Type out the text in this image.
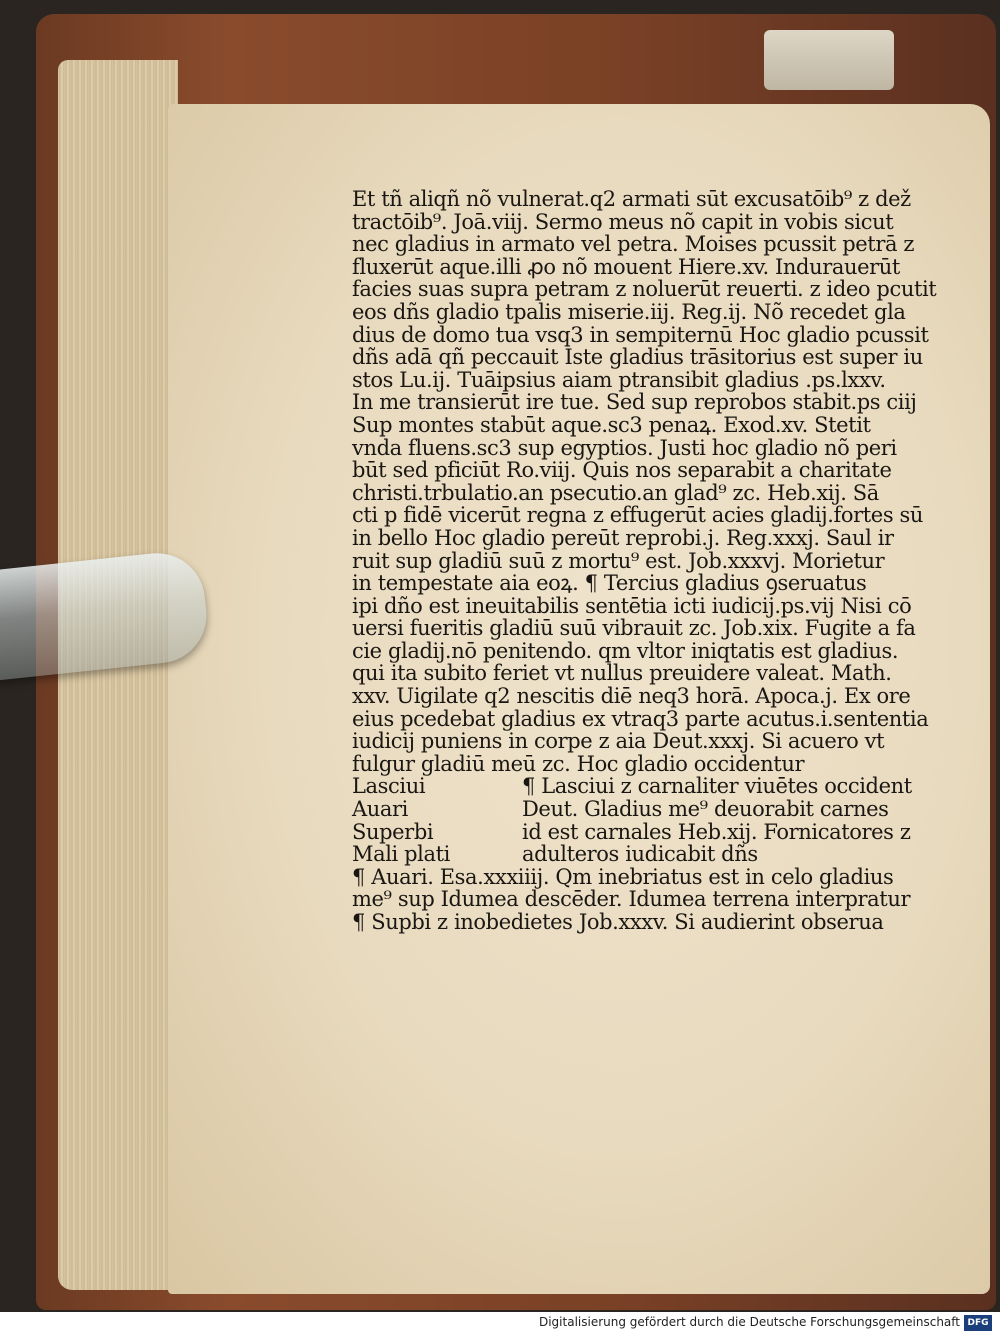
Et tñ aliqñ nõ vulnerat.q2 armati sūt excusatōib⁹ z dež
tractōib⁹. Joā.viij. Sermo meus nõ capit in vobis sicut
nec gladius in armato vel petra. Moises pcussit petrā z
fluxerūt aque.illi ꝓo nõ mouent Hiere.xv. Indurauerūt
facies suas supra petram z noluerūt reuerti. z ideo pcutit
eos dñs gladio tpalis miserie.iij. Reg.ij. Nõ recedet gla
dius de domo tua vsq3 in sempiternū Hoc gladio pcussit
dñs adā qñ peccauit Iste gladius trāsitorius est super iu
stos Lu.ij. Tuāipsius aiam ptransibit gladius .ps.lxxv.
In me transierūt ire tue. Sed sup reprobos stabit.ps ciij
Sup montes stabūt aque.sc3 penaꝝ. Exod.xv. Stetit
vnda fluens.sc3 sup egyptios. Justi hoc gladio nõ peri
būt sed pficiūt Ro.viij. Quis nos separabit a charitate
christi.trbulatio.an psecutio.an glad⁹ zc. Heb.xij. Sā
cti p fidē vicerūt regna z effugerūt acies gladij.fortes sū
in bello Hoc gladio pereūt reprobi.j. Reg.xxxj. Saul ir
ruit sup gladiū suū z mortu⁹ est. Job.xxxvj. Morietur
in tempestate aia eoꝝ. ¶ Tercius gladius ꝯseruatus
ipi dño est ineuitabilis sentētia icti iudicij.ps.vij Nisi cō
uersi fueritis gladiū suū vibrauit zc. Job.xix. Fugite a fa
cie gladij.nō penitendo. qm vltor iniqtatis est gladius.
qui ita subito feriet vt nullus preuidere valeat. Math.
xxv. Uigilate q2 nescitis diē neq3 horā. Apoca.j. Ex ore
eius pcedebat gladius ex vtraq3 parte acutus.i.sententia
iudicij puniens in corpe z aia Deut.xxxj. Si acuero vt
fulgur gladiū meū zc. Hoc gladio occidentur
Lasciui	¶ Lasciui z carnaliter viuētes occident
Auari	Deut. Gladius me⁹ deuorabit carnes
Superbi	id est carnales Heb.xij. Fornicatores z
Mali plati	adulteros iudicabit dñs
¶ Auari. Esa.xxxiiij. Qm inebriatus est in celo gladius
me⁹ sup Idumea descēder. Idumea terrena interpratur
¶ Supbi z inobedietes Job.xxxv. Si audierint obserua
Digitalisierung gefördert durch die Deutsche Forschungsgemeinschaft DFG
